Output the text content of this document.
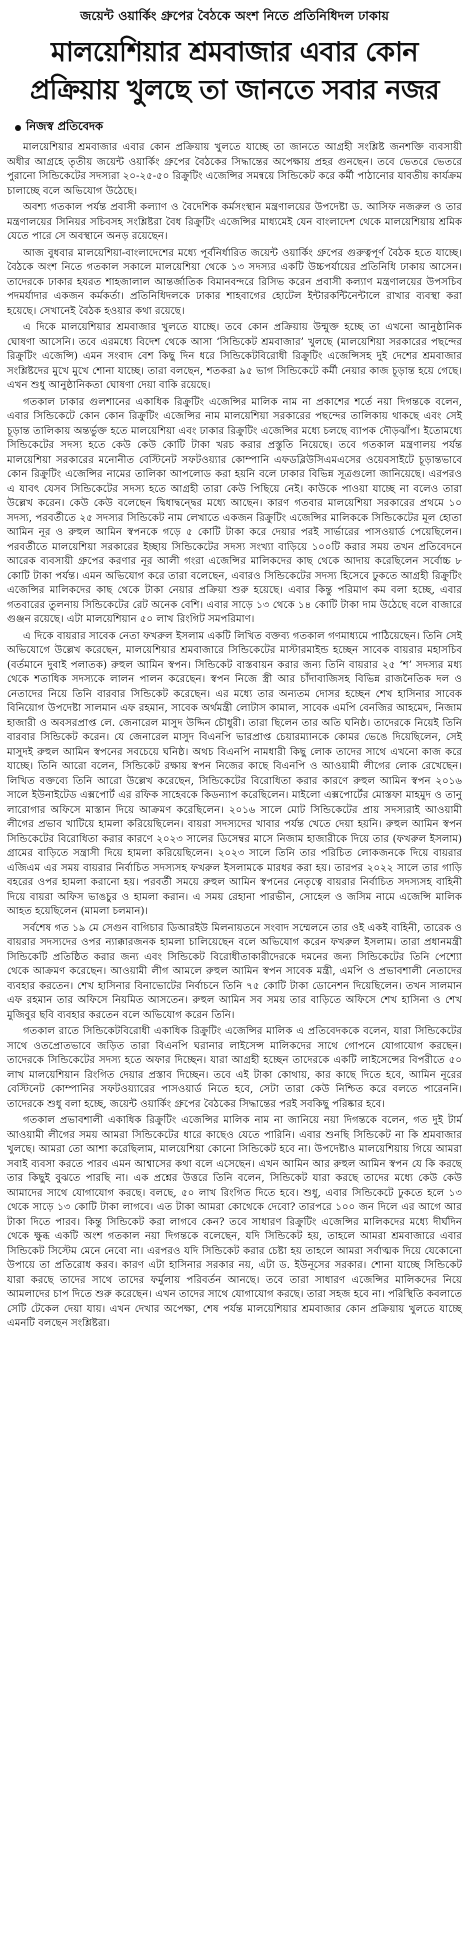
জয়েন্ট ওয়ার্কিং গ্রুপের বৈঠকে অংশ নিতে প্রতিনিধিদল ঢাকায়
মালয়েশিয়ার শ্রমবাজার এবার কোন প্রক্রিয়ায় খুলছে তা জানতে সবার নজর
নিজস্ব প্রতিবেদক

মালয়েশিয়ার শ্রমবাজার এবার কোন প্রক্রিয়ায় খুলতে যাচ্ছে তা জানতে আগ্রহী সংশ্লিষ্ট জনশক্তি ব্যবসায়ী অধীর আগ্রহে তৃতীয় জয়েন্ট ওয়ার্কিং গ্রুপের বৈঠকের সিদ্ধান্তের অপেক্ষায় প্রহর গুনছেন। তবে ভেতরে ভেতরে পুরানো সিন্ডিকেটের সদস্যরা ২০-২৫-৫০ রিক্রুটিং এজেন্সির সমন্বয়ে সিন্ডিকেট করে কর্মী পাঠানোর যাবতীয় কার্যক্রম চালাচ্ছে বলে অভিযোগ উঠেছে।

অবশ্য গতকাল পর্যন্ত প্রবাসী কল্যাণ ও বৈদেশিক কর্মসংস্থান মন্ত্রণালয়ের উপদেষ্টা ড. আসিফ নজরুল ও তার মন্ত্রণালয়ের সিনিয়র সচিবসহ সংশ্লিষ্টরা বৈধ রিক্রুটিং এজেন্সির মাধ্যমেই যেন বাংলাদেশ থেকে মালয়েশিয়ায় শ্রমিক যেতে পারে সে অবস্থানে অনড় রয়েছেন।

আজ বুধবার মালয়েশিয়া-বাংলাদেশের মধ্যে পূর্বনির্ধারিত জয়েন্ট ওয়ার্কিং গ্রুপের গুরুত্বপূর্ণ বৈঠক হতে যাচ্ছে। বৈঠকে অংশ নিতে গতকাল সকালে মালয়েশিয়া থেকে ১৩ সদস্যর একটি উচ্চপর্যায়ের প্রতিনিধি ঢাকায় আসেন। তাদেরকে ঢাকার হযরত শাহজালাল আন্তর্জাতিক বিমানবন্দরে রিসিভ করেন প্রবাসী কল্যাণ মন্ত্রণালয়ের উপসচিব পদমর্যাদার একজন কর্মকর্তা। প্রতিনিধিদলকে ঢাকার শাহবাগের হোটেল ইন্টারকন্টিনেন্টালে রাখার ব্যবস্থা করা হয়েছে। সেখানেই বৈঠক হওয়ার কথা রয়েছে।

এ দিকে মালয়েশিয়ার শ্রমবাজার খুলতে যাচ্ছে। তবে কোন প্রক্রিয়ায় উন্মুক্ত হচ্ছে তা এখনো আনুষ্ঠানিক ঘোষণা আসেনি। তবে এরমধ্যে বিদেশ থেকে আসা ‘সিন্ডিকেট শ্রমবাজার’ খুলছে (মালয়েশিয়া সরকারের পছন্দের রিক্রুটিং এজেন্সি) এমন সংবাদ বেশ কিছু দিন ধরে সিন্ডিকেটবিরোধী রিক্রুটিং এজেন্সিসহ দুই দেশের শ্রমবাজার সংশ্লিষ্টদের মুখে মুখে শোনা যাচ্ছে। তারা বলছেন, শতকরা ৯৫ ভাগ সিন্ডিকেটে কর্মী নেয়ার কাজ চূড়ান্ত হয়ে গেছে। এখন শুধু আনুষ্ঠানিকতা ঘোষণা দেয়া বাকি রয়েছে।

গতকাল ঢাকার গুলশানের একাধিক রিক্রুটিং এজেন্সির মালিক নাম না প্রকাশের শর্তে নয়া দিগন্তকে বলেন, এবার সিন্ডিকেটে কোন কোন রিক্রুটিং এজেন্সির নাম মালয়েশিয়া সরকারের পছন্দের তালিকায় থাকছে এবং সেই চূড়ান্ত তালিকায় অন্তর্ভুক্ত হতে মালয়েশিয়া এবং ঢাকার রিক্রুটিং এজেন্সির মধ্যে চলছে ব্যাপক দৌড়ঝাঁপ। ইতোমধ্যে সিন্ডিকেটের সদস্য হতে কেউ কেউ কোটি টাকা খরচ করার প্রস্তুতি নিয়েছে। তবে গতকাল মন্ত্রণালয় পর্যন্ত মালয়েশিয়া সরকারের মনোনীত বেস্টিনেট সফটওয়্যার কোম্পানি এফডব্লিউসিএমএসের ওয়েবসাইটে চূড়ান্তভাবে কোন রিক্রুটিং এজেন্সির নামের তালিকা আপলোড করা হয়নি বলে ঢাকার বিভিন্ন সূত্রগুলো জানিয়েছে। এরপরও এ যাবৎ যেসব সিন্ডিকেটের সদস্য হতে আগ্রহী তারা কেউ পিছিয়ে নেই। কাউকে পাওয়া যাচ্ছে না বলেও তারা উল্লেখ করেন। কেউ কেউ বলেছেন দ্বিধাদ্বন্দ্বের মধ্যে আছেন। কারণ গতবার মালয়েশিয়া সরকারের প্রথমে ১০ সদস্য, পরবর্তীতে ২৫ সদস্যর সিন্ডিকেট নাম লেখাতে একজন রিক্রুটিং এজেন্সির মালিককে সিন্ডিকেটের মূল হোতা আমিন নূর ও রুহুল আমিন স্বপনকে গড়ে ৫ কোটি টাকা করে দেয়ার পরই সার্ভারের পাসওয়ার্ড পেয়েছিলেন। পরবর্তীতে মালয়েশিয়া সরকারের ইচ্ছায় সিন্ডিকেটের সদস্য সংখ্যা বাড়িয়ে ১০০টি করার সময় তখন প্রতিবেদনে আরেক ব্যবসায়ী গ্রুপের করণার নূর আলী গংরা এজেন্সির মালিকদের কাছ থেকে আদায় করেছিলেন সর্বোচ্চ ৮ কোটি টাকা পর্যন্ত। এমন অভিযোগ করে তারা বলেছেন, এবারও সিন্ডিকেটের সদস্য হিসেবে ঢুকতে আগ্রহী রিক্রুটিং এজেন্সির মালিকদের কাছ থেকে টাকা নেয়ার প্রক্রিয়া শুরু হয়েছে। এবার কিন্তু পরিমাণ কম বলা হচ্ছে, এবার গতবারের তুলনায় সিন্ডিকেটের রেট অনেক বেশি। এবার সাড়ে ১৩ থেকে ১৪ কোটি টাকা দাম উঠেছে বলে বাজারে গুঞ্জন রয়েছে। এটা মালয়েশিয়ান ৫০ লাখ রিংগিট সমপরিমাণ।

এ দিকে বায়রার সাবেক নেতা ফখরুল ইসলাম একটি লিখিত বক্তব্য গতকাল গণমাধ্যমে পাঠিয়েছেন। তিনি সেই অভিযোগে উল্লেখ করেছেন, মালয়েশিয়ার শ্রমবাজারে সিন্ডিকেটের মাস্টারমাইন্ড হচ্ছেন সাবেক বায়রার মহাসচিব (বর্তমানে দুবাই পলাতক) রুহুল আমিন স্বপন। সিন্ডিকেট বাস্তবায়ন করার জন্য তিনি বায়রার ২৫ ‘শ’ সদস্যর মধ্য থেকে শতাধিক সদস্যকে লালন পালন করেছেন। স্বপন নিজে স্ত্রী আর চাঁদাবাজিসহ বিভিন্ন রাজনৈতিক দল ও নেতাদের নিয়ে তিনি বারবার সিন্ডিকেট করেছেন। এর মধ্যে তার অন্যতম দোসর হচ্ছেন শেখ হাসিনার সাবেক বিনিয়োগ উপদেষ্টা সালমান এফ রহমান, সাবেক অর্থমন্ত্রী লোটাস কামাল, সাবেক এমপি বেনজির আহমেদ, নিজাম হাজারী ও অবসরপ্রাপ্ত লে. জেনারেল মাসুদ উদ্দিন চৌধুরী। তারা ছিলেন তার অতি ঘনিষ্ঠ। তাদেরকে নিয়েই তিনি বারবার সিন্ডিকেট করেন। যে জেনারেল মাসুদ বিএনপি ভারপ্রাপ্ত চেয়ারম্যানকে কোমর ভেঙে দিয়েছিলেন, সেই মাসুদই রুহুল আমিন স্বপনের সবচেয়ে ঘনিষ্ঠ। অথচ বিএনপি নামধারী কিছু লোক তাদের সাথে এখনো কাজ করে যাচ্ছে। তিনি আরো বলেন, সিন্ডিকেট রক্ষায় স্বপন নিজের কাছে বিএনপি ও আওয়ামী লীগের লোক রেখেছেন। লিখিত বক্তব্যে তিনি আরো উল্লেখ করেছেন, সিন্ডিকেটের বিরোধিতা করার কারণে রুহুল আমিন স্বপন ২০১৬ সালে ইউনাইটেড এক্সপোর্ট এর রফিক সাহেবকে কিডন্যাপ করেছিলেন। মাইলো এক্সপোর্টের মোস্তফা মাহমুদ ও তানু লারোগার অফিসে মাস্তান দিয়ে আক্রমণ করেছিলেন। ২০১৬ সালে মোট সিন্ডিকেটের প্রায় সদস্যরাই আওয়ামী লীগের প্রভাব খাটিয়ে হামলা করিয়েছিলেন। বায়রা সদস্যদের খাবার পর্যন্ত খেতে দেয়া হয়নি। রুহুল আমিন স্বপন সিন্ডিকেটের বিরোধিতা করার কারণে ২০২৩ সালের ডিসেম্বর মাসে নিজাম হাজারীকে দিয়ে তার (ফখরুল ইসলাম) গ্রামের বাড়িতে সন্ত্রাসী দিয়ে হামলা করিয়েছিলেন। ২০২৩ সালে তিনি তার পরিচিত লোকজনকে দিয়ে বায়রার এজিএম এর সময় বায়রার নির্বাচিত সদস্যসহ ফখরুল ইসলামকে মারধর করা হয়। তারপর ২০২২ সালে তার গাড়ি বহরের ওপর হামলা করানো হয়। পরবর্তী সময়ে রুহুল আমিন স্বপনের নেতৃত্বে বায়রার নির্বাচিত সদস্যসহ বাহিনী দিয়ে বায়রা অফিস ভাঙচুর ও হামলা করান। এ সময় রেহানা পারভীন, সোহেল ও জসিম নামে এজেন্সি মালিক আহত হয়েছিলেন (মামলা চলমান)।

সর্বশেষ গত ১৯ মে সেগুন বাগিচার ডিআরইউ মিলনায়তনে সংবাদ সম্মেলনে তার ওই একই বাহিনী, তারেক ও বায়রার সদস্যদের ওপর ন্যাক্কারজনক হামলা চালিয়েছেন বলে অভিযোগ করেন ফখরুল ইসলাম। তারা প্রধানমন্ত্রী সিন্ডিকেটি প্রতিষ্ঠিত করার জন্য এবং সিন্ডিকেট বিরোধীতাকারীদেরকে দমনের জন্য সিন্ডিকেটের তিনি পেশ্যো থেকে আক্রমণ করেছেন। আওয়ামী লীগ আমলে রুহুল আমিন স্বপন সাবেক মন্ত্রী, এমপি ও প্রভাবশালী নেতাদের ব্যবহার করতেন। শেখ হাসিনার বিনাভোটের নির্বাচনে তিনি ৭৫ কোটি টাকা ডোনেশন দিয়েছিলেন। তখন সালমান এফ রহমান তার অফিসে নিয়মিত আসতেন। রুহুল আমিন সব সময় তার বাড়িতে অফিসে শেখ হাসিনা ও শেখ মুজিবুর ছবি ব্যবহার করতেন বলে অভিযোগ করেন তিনি।

গতকাল রাতে সিন্ডিকেটবিরোধী একাধিক রিক্রুটিং এজেন্সির মালিক এ প্রতিবেদককে বলেন, যারা সিন্ডিকেটের সাথে ওতপ্রোতভাবে জড়িত তারা বিএনপি ঘরানার লাইসেন্স মালিকদের সাথে গোপনে যোগাযোগ করছেন। তাদেরকে সিন্ডিকেটের সদস্য হতে অফার দিচ্ছেন। যারা আগ্রহী হচ্ছেন তাদেরকে একটি লাইসেন্সের বিপরীতে ৫০ লাখ মালয়েশিয়ান রিংগিত দেয়ার প্রস্তাব দিচ্ছেন। তবে এই টাকা কোথায়, কার কাছে দিতে হবে, আমিন নূরের বেস্টিনেট কোম্পানির সফটওয়্যারের পাসওয়ার্ড নিতে হবে, সেটা তারা কেউ নিশ্চিত করে বলতে পারেননি। তাদেরকে শুধু বলা হচ্ছে, জয়েন্ট ওয়ার্কিং গ্রুপের বৈঠকের সিদ্ধান্তের পরই সবকিছু পরিষ্কার হবে।

গতকাল প্রভাবশালী একাধিক রিক্রুটিং এজেন্সির মালিক নাম না জানিয়ে নয়া দিগন্তকে বলেন, গত দুই টার্ম আওয়ামী লীগের সময় আমরা সিন্ডিকেটের ধারে কাছেও যেতে পারিনি। এবার শুনছি সিন্ডিকেট না কি শ্রমবাজার খুলছে। আমরা তো আশা করেছিলাম, মালয়েশিয়া কোনো সিন্ডিকেট হবে না। উপদেষ্টাও মালয়েশিয়ায় গিয়ে আমরা সবাই ব্যবসা করতে পারব এমন আশ্বাসের কথা বলে এসেছেন। এখন আমিন আর রুহুল আমিন স্বপন যে কি করছে তার কিছুই বুঝতে পারছি না। এক প্রশ্নের উত্তরে তিনি বলেন, সিন্ডিকেট যারা করছে তাদের মধ্যে কেউ কেউ আমাদের সাথে যোগাযোগ করছে। বলছে, ৫০ লাখ রিংগিত দিতে হবে। শুধু, এবার সিন্ডিকেটে ঢুকতে হলে ১৩ থেকে সাড়ে ১৩ কোটি টাকা লাগবে। এত টাকা আমরা কোথেকে দেবো? তারপরে ১০০ জন দিলে এর আগে আর টাকা দিতে পারব। কিন্তু সিন্ডিকেট করা লাগবে কেন? তবে সাধারণ রিক্রুটিং এজেন্সির মালিকদের মধ্যে দীর্ঘদিন থেকে ক্ষুব্ধ একটি অংশ গতকাল নয়া দিগন্তকে বলেছেন, যদি সিন্ডিকেট হয়, তাহলে আমরা শ্রমবাজারে এবার সিন্ডিকেট সিস্টেম মেনে নেবো না। এরপরও যদি সিন্ডিকেট করার চেষ্টা হয় তাহলে আমরা সর্বাত্মক দিয়ে যেকোনো উপায়ে তা প্রতিরোধ করব। কারণ এটা হাসিনার সরকার নয়, এটা ড. ইউনূসের সরকার। শোনা যাচ্ছে সিন্ডিকেট যারা করছে তাদের সাথে তাদের ফর্মুলায় পরিবর্তন আনছে। তবে তারা সাধারণ এজেন্সির মালিকদের নিয়ে আমলাদের চাপ দিতে শুরু করেছেন। এখন তাদের সাথে যোগাযোগ করছে। তারা সহজ হবে না। পরিস্থিতি কবলাতে সেটি টেকেল দেয়া যায়। এখন দেখার অপেক্ষা, শেষ পর্যন্ত মালয়েশিয়ার শ্রমবাজার কোন প্রক্রিয়ায় খুলতে যাচ্ছে এমনটি বলছেন সংশ্লিষ্টরা।
